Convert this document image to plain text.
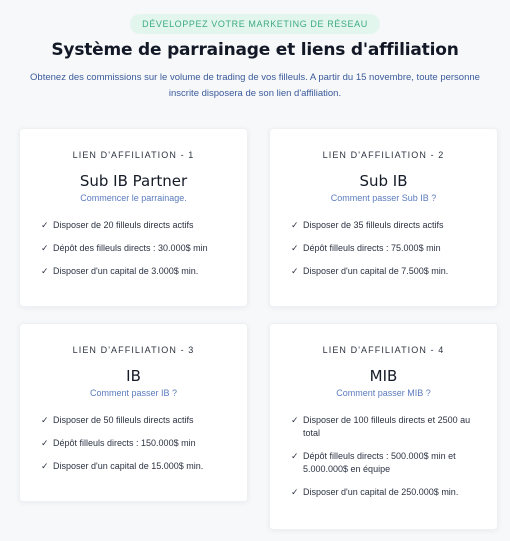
DÉVELOPPEZ VOTRE MARKETING DE RÉSEAU
Système de parrainage et liens d'affiliation
Obtenez des commissions sur le volume de trading de vos filleuls. A partir du 15 novembre, toute personne inscrite disposera de son lien d'affiliation.
LIEN D'AFFILIATION - 1
Sub IB Partner
Commencer le parrainage.
✓ Disposer de 20 filleuls directs actifs
✓ Dépôt des filleuls directs : 30.000$ min
✓ Disposer d'un capital de 3.000$ min.
LIEN D'AFFILIATION - 2
Sub IB
Comment passer Sub IB ?
✓ Disposer de 35 filleuls directs actifs
✓ Dépôt filleuls directs : 75.000$ min
✓ Disposer d'un capital de 7.500$ min.
LIEN D'AFFILIATION - 3
IB
Comment passer IB ?
✓ Disposer de 50 filleuls directs actifs
✓ Dépôt filleuls directs : 150.000$ min
✓ Disposer d'un capital de 15.000$ min.
LIEN D'AFFILIATION - 4
MIB
Comment passer MIB ?
✓ Disposer de 100 filleuls directs et 2500 au total
✓ Dépôt filleuls directs : 500.000$ min et 5.000.000$ en équipe
✓ Disposer d'un capital de 250.000$ min.
